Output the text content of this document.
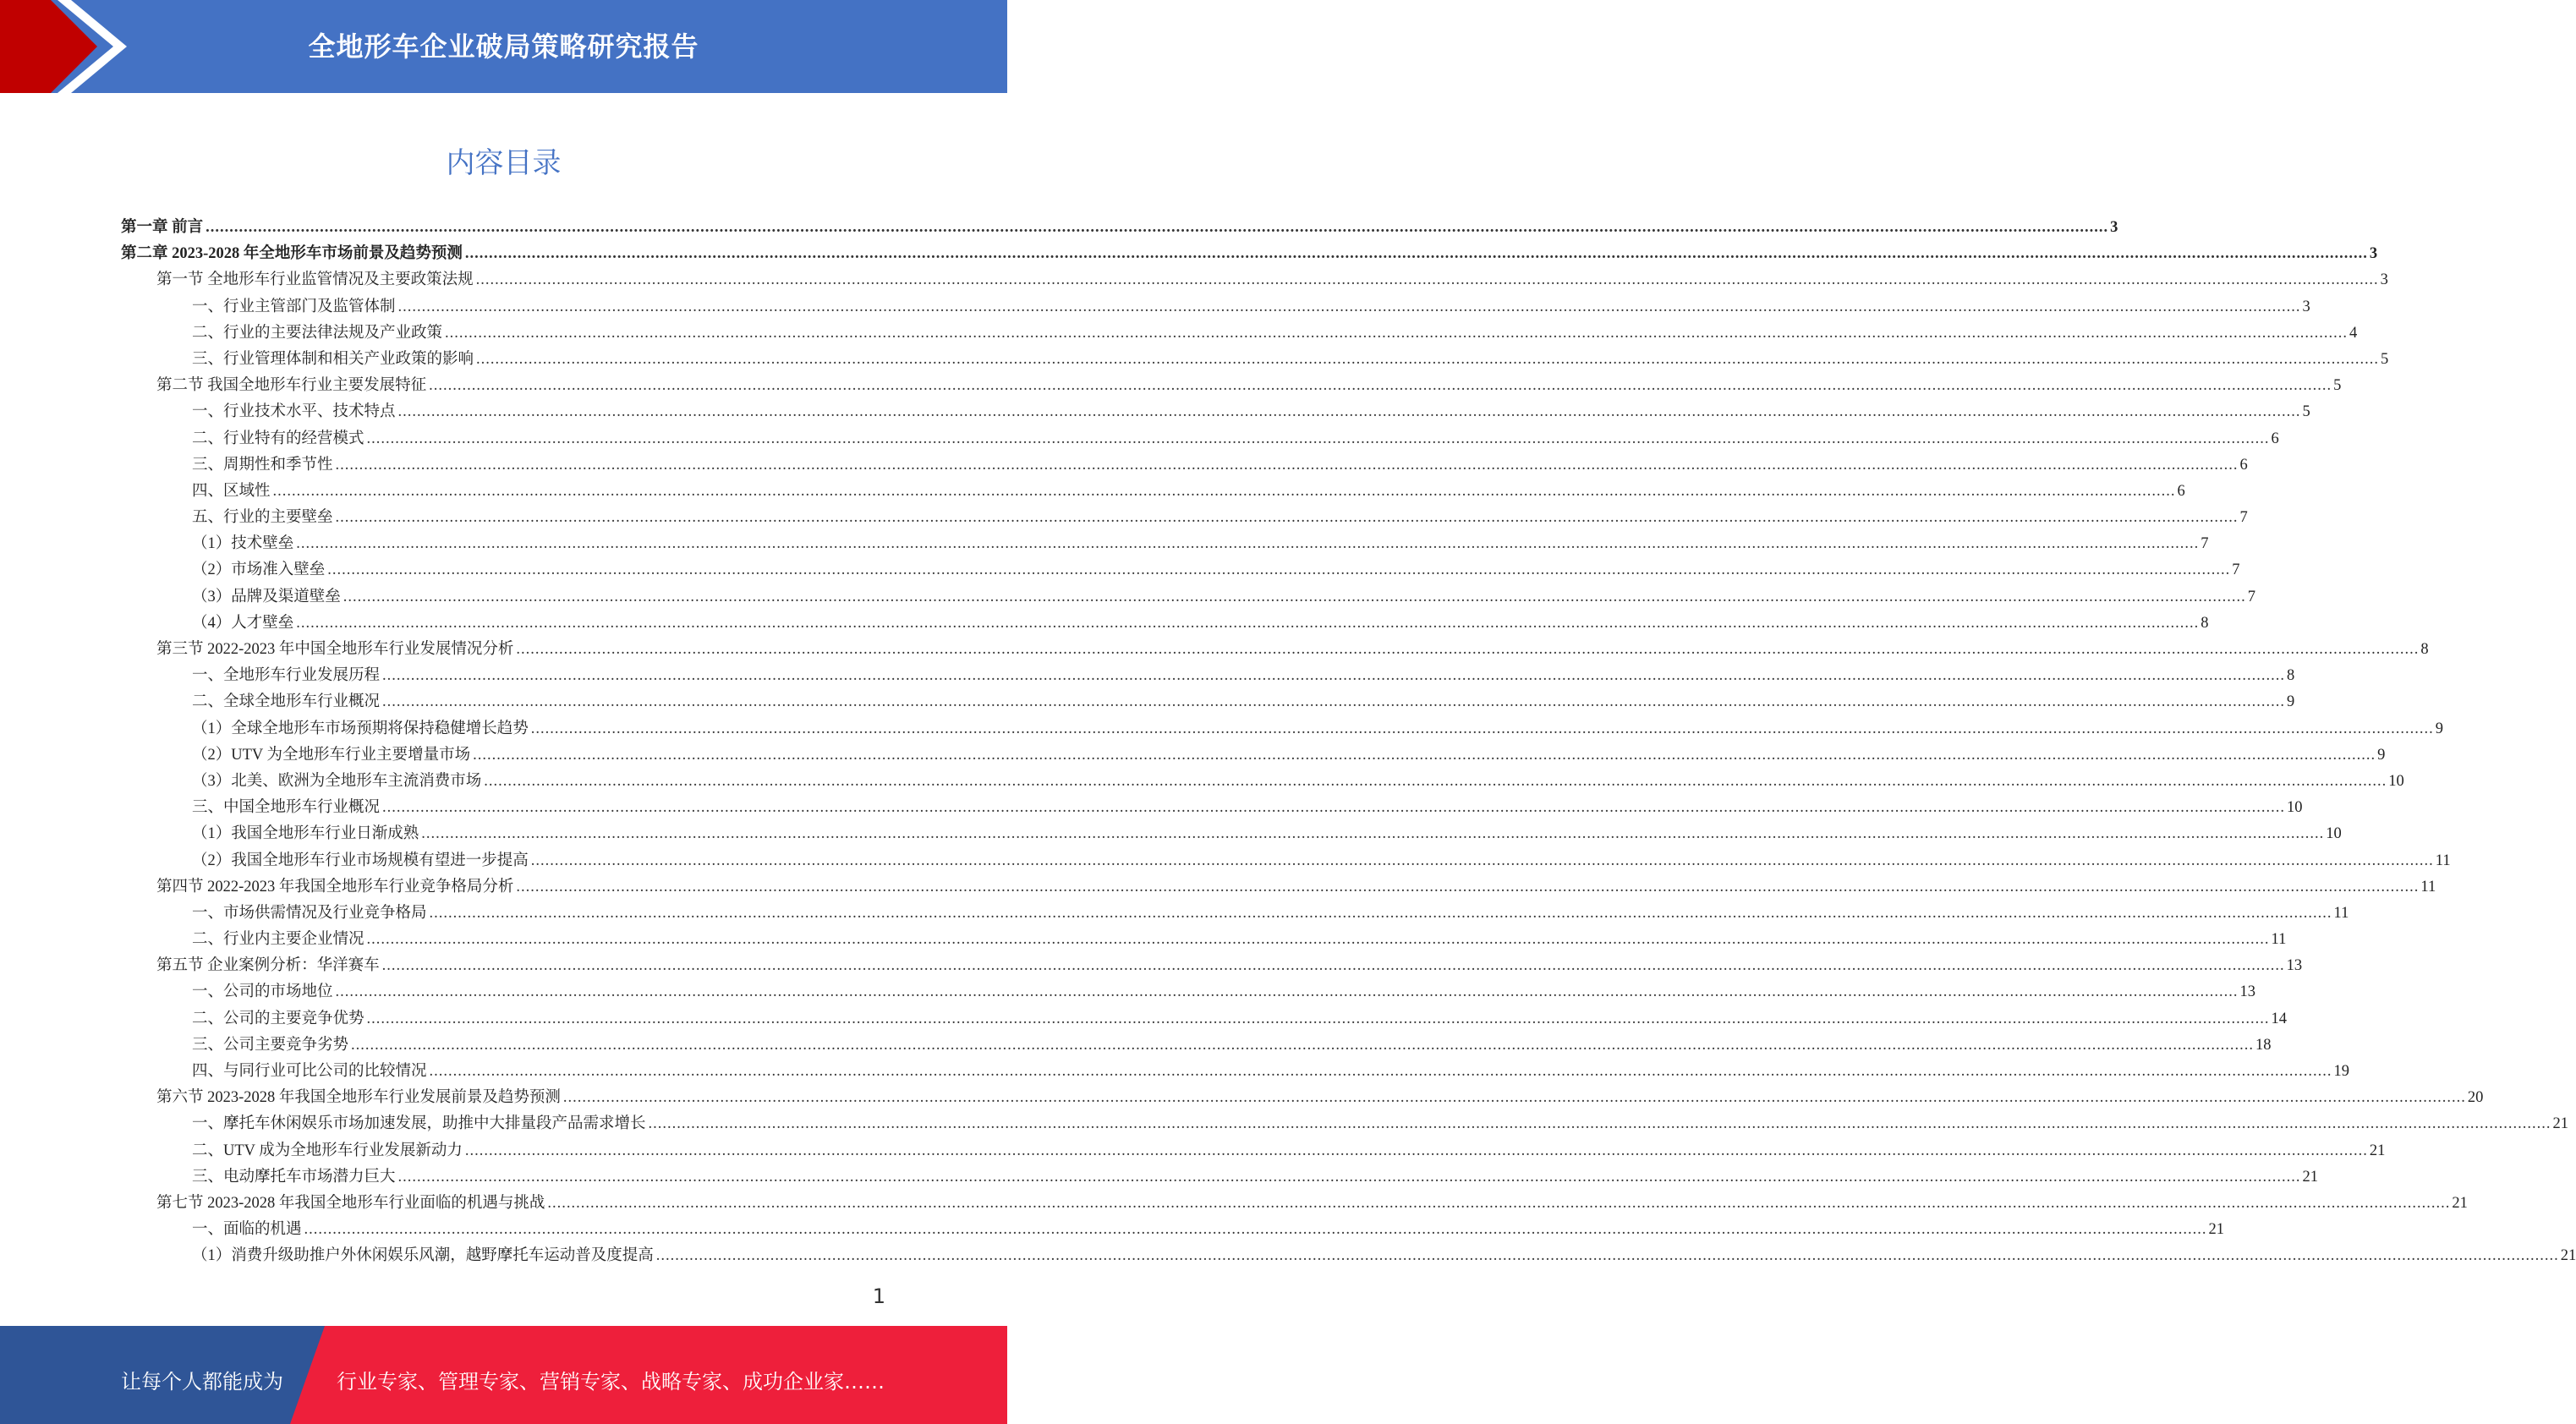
全地形车企业破局策略研究报告
内容目录
第一章 前言 ................................................................................................................................................................................................................................................................................................................................................................................................................ 3
第二章 2023-2028 年全地形车市场前景及趋势预测 ................................................................................................................................................................................................................................................................................................................................................................................................................ 3
第一节 全地形车行业监管情况及主要政策法规 ................................................................................................................................................................................................................................................................................................................................................................................................................ 3
一、行业主管部门及监管体制 ................................................................................................................................................................................................................................................................................................................................................................................................................ 3
二、行业的主要法律法规及产业政策 ................................................................................................................................................................................................................................................................................................................................................................................................................ 4
三、行业管理体制和相关产业政策的影响 ................................................................................................................................................................................................................................................................................................................................................................................................................ 5
第二节 我国全地形车行业主要发展特征 ................................................................................................................................................................................................................................................................................................................................................................................................................ 5
一、行业技术水平、技术特点 ................................................................................................................................................................................................................................................................................................................................................................................................................ 5
二、行业特有的经营模式 ................................................................................................................................................................................................................................................................................................................................................................................................................ 6
三、周期性和季节性 ................................................................................................................................................................................................................................................................................................................................................................................................................ 6
四、区域性 ................................................................................................................................................................................................................................................................................................................................................................................................................ 6
五、行业的主要壁垒 ................................................................................................................................................................................................................................................................................................................................................................................................................ 7
（1）技术壁垒 ................................................................................................................................................................................................................................................................................................................................................................................................................ 7
（2）市场准入壁垒 ................................................................................................................................................................................................................................................................................................................................................................................................................ 7
（3）品牌及渠道壁垒 ................................................................................................................................................................................................................................................................................................................................................................................................................ 7
（4）人才壁垒 ................................................................................................................................................................................................................................................................................................................................................................................................................ 8
第三节 2022-2023 年中国全地形车行业发展情况分析 ................................................................................................................................................................................................................................................................................................................................................................................................................ 8
一、全地形车行业发展历程 ................................................................................................................................................................................................................................................................................................................................................................................................................ 8
二、全球全地形车行业概况 ................................................................................................................................................................................................................................................................................................................................................................................................................ 9
（1）全球全地形车市场预期将保持稳健增长趋势 ................................................................................................................................................................................................................................................................................................................................................................................................................ 9
（2）UTV 为全地形车行业主要增量市场 ................................................................................................................................................................................................................................................................................................................................................................................................................ 9
（3）北美、欧洲为全地形车主流消费市场 ................................................................................................................................................................................................................................................................................................................................................................................................................ 10
三、中国全地形车行业概况 ................................................................................................................................................................................................................................................................................................................................................................................................................ 10
（1）我国全地形车行业日渐成熟 ................................................................................................................................................................................................................................................................................................................................................................................................................ 10
（2）我国全地形车行业市场规模有望进一步提高 ................................................................................................................................................................................................................................................................................................................................................................................................................ 11
第四节 2022-2023 年我国全地形车行业竞争格局分析 ................................................................................................................................................................................................................................................................................................................................................................................................................ 11
一、市场供需情况及行业竞争格局 ................................................................................................................................................................................................................................................................................................................................................................................................................ 11
二、行业内主要企业情况 ................................................................................................................................................................................................................................................................................................................................................................................................................ 11
第五节 企业案例分析：华洋赛车 ................................................................................................................................................................................................................................................................................................................................................................................................................ 13
一、公司的市场地位 ................................................................................................................................................................................................................................................................................................................................................................................................................ 13
二、公司的主要竞争优势 ................................................................................................................................................................................................................................................................................................................................................................................................................ 14
三、公司主要竞争劣势 ................................................................................................................................................................................................................................................................................................................................................................................................................ 18
四、与同行业可比公司的比较情况 ................................................................................................................................................................................................................................................................................................................................................................................................................ 19
第六节 2023-2028 年我国全地形车行业发展前景及趋势预测 ................................................................................................................................................................................................................................................................................................................................................................................................................ 20
一、摩托车休闲娱乐市场加速发展，助推中大排量段产品需求增长 ................................................................................................................................................................................................................................................................................................................................................................................................................ 21
二、UTV 成为全地形车行业发展新动力 ................................................................................................................................................................................................................................................................................................................................................................................................................ 21
三、电动摩托车市场潜力巨大 ................................................................................................................................................................................................................................................................................................................................................................................................................ 21
第七节 2023-2028 年我国全地形车行业面临的机遇与挑战 ................................................................................................................................................................................................................................................................................................................................................................................................................ 21
一、面临的机遇 ................................................................................................................................................................................................................................................................................................................................................................................................................ 21
（1）消费升级助推户外休闲娱乐风潮，越野摩托车运动普及度提高 ................................................................................................................................................................................................................................................................................................................................................................................................................ 21
1
让每个人都能成为	行业专家、管理专家、营销专家、战略专家、成功企业家……
